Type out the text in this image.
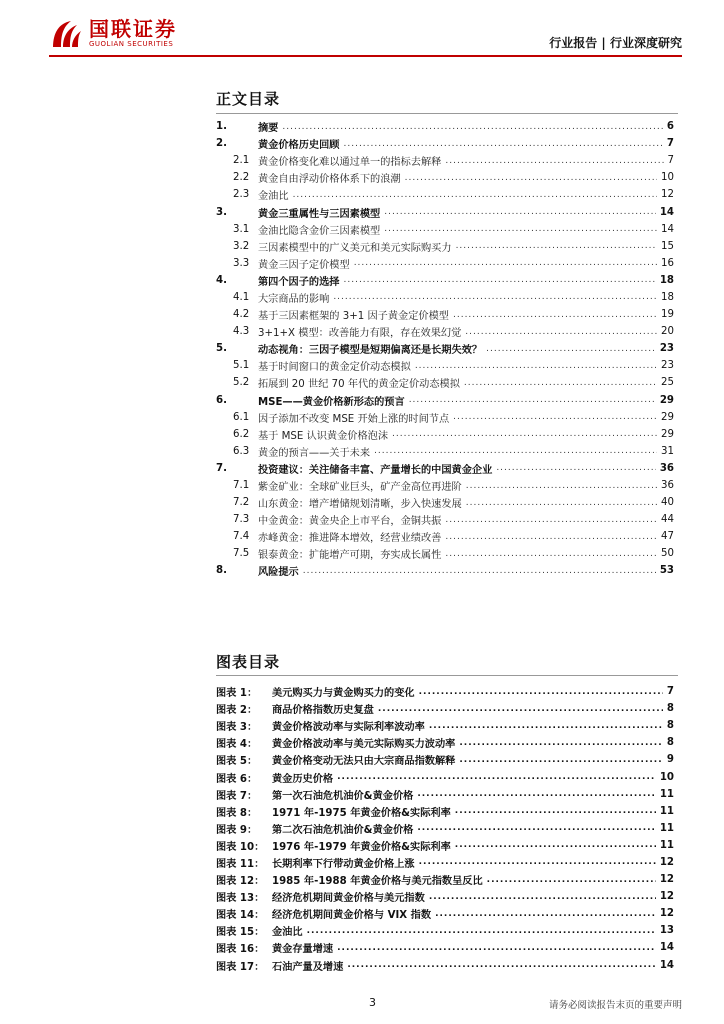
国联证券
GUOLIAN SECURITIES	行业报告 | 行业深度研究
正文目录
1.	摘要 .....	6
2.	黄金价格历史回顾 .....	7
2.1 黄金价格变化难以通过单一的指标去解释 .....	7
2.2 黄金自由浮动价格体系下的浪潮 .....	10
2.3 金油比 .....	12
3.	黄金三重属性与三因素模型 .....	14
3.1 金油比隐含金价三因素模型 .....	14
3.2 三因素模型中的广义美元和美元实际购买力 .....	15
3.3 黄金三因子定价模型 .....	16
4.	第四个因子的选择 .....	18
4.1 大宗商品的影响 .....	18
4.2 基于三因素框架的 3+1 因子黄金定价模型 .....	19
4.3 3+1+X 模型：改善能力有限，存在效果幻觉 .....	20
5.	动态视角：三因子模型是短期偏离还是长期失效？ .....	23
5.1 基于时间窗口的黄金定价动态模拟 .....	23
5.2 拓展到 20 世纪 70 年代的黄金定价动态模拟 .....	25
6.	MSE——黄金价格新形态的预言 .....	29
6.1 因子添加不改变 MSE 开始上涨的时间节点 .....	29
6.2 基于 MSE 认识黄金价格泡沫 .....	29
6.3 黄金的预言——关于未来 .....	31
7.	投资建议：关注储备丰富、产量增长的中国黄金企业 .....	36
7.1 紫金矿业：全球矿业巨头，矿产金高位再进阶 .....	36
7.2 山东黄金：增产增储规划清晰，步入快速发展 .....	40
7.3 中金黄金：黄金央企上市平台，金铜共振 .....	44
7.4 赤峰黄金：推进降本增效，经营业绩改善 .....	47
7.5 银泰黄金：扩能增产可期，夯实成长属性 .....	50
8.	风险提示 .....	53
图表目录
图表 1：	美元购买力与黄金购买力的变化 .....	7
图表 2：	商品价格指数历史复盘 .....	8
图表 3：	黄金价格波动率与实际利率波动率 .....	8
图表 4：	黄金价格波动率与美元实际购买力波动率 .....	8
图表 5：	黄金价格变动无法只由大宗商品指数解释 .....	9
图表 6：	黄金历史价格 .....	10
图表 7：	第一次石油危机油价&黄金价格 .....	11
图表 8：	1971 年-1975 年黄金价格&实际利率 .....	11
图表 9：	第二次石油危机油价&黄金价格 .....	11
图表 10： 1976 年-1979 年黄金价格&实际利率 .....	11
图表 11： 长期利率下行带动黄金价格上涨 .....	12
图表 12： 1985 年-1988 年黄金价格与美元指数呈反比 .....	12
图表 13： 经济危机期间黄金价格与美元指数 .....	12
图表 14： 经济危机期间黄金价格与 VIX 指数 .....	12
图表 15： 金油比 .....	13
图表 16： 黄金存量增速 .....	14
图表 17： 石油产量及增速 .....	14
3	请务必阅读报告末页的重要声明
